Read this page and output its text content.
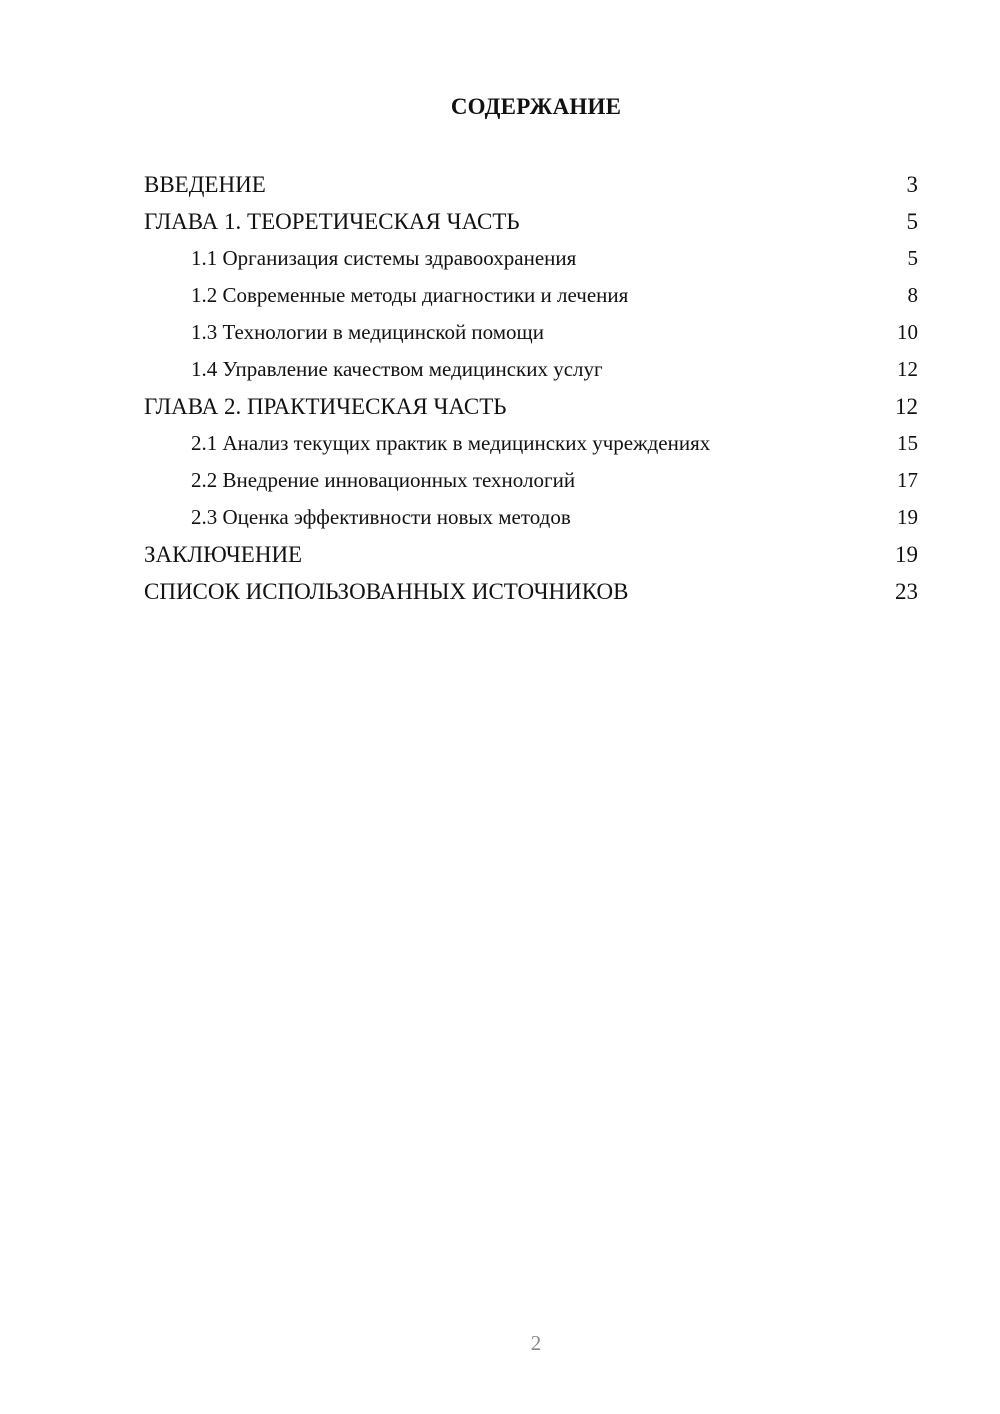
СОДЕРЖАНИЕ
ВВЕДЕНИЕ	3
ГЛАВА 1. ТЕОРЕТИЧЕСКАЯ ЧАСТЬ	5
1.1 Организация системы здравоохранения	5
1.2 Современные методы диагностики и лечения	8
1.3 Технологии в медицинской помощи	10
1.4 Управление качеством медицинских услуг	12
ГЛАВА 2. ПРАКТИЧЕСКАЯ ЧАСТЬ	12
2.1 Анализ текущих практик в медицинских учреждениях	15
2.2 Внедрение инновационных технологий	17
2.3 Оценка эффективности новых методов	19
ЗАКЛЮЧЕНИЕ	19
СПИСОК ИСПОЛЬЗОВАННЫХ ИСТОЧНИКОВ	23
2
